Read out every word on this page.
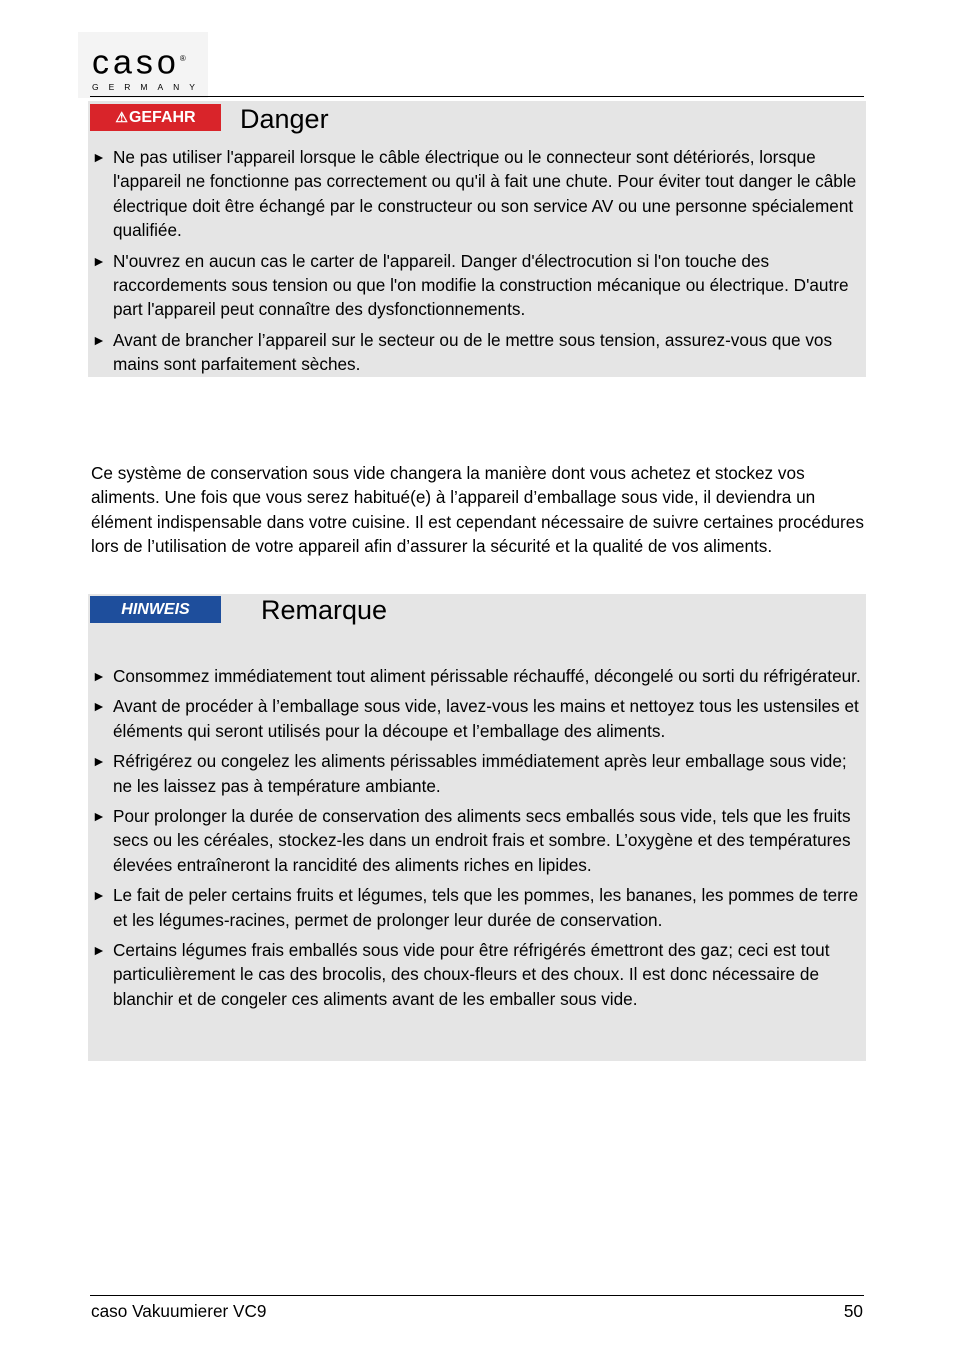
caso®
GERMANY
⚠ GEFAHR Danger
► Ne pas utiliser l'appareil lorsque le câble électrique ou le connecteur sont détériorés, lorsque l'appareil ne fonctionne pas correctement ou qu'il à fait une chute. Pour éviter tout danger le câble électrique doit être échangé par le constructeur ou son service AV ou une personne spécialement qualifiée.
► N'ouvrez en aucun cas le carter de l'appareil. Danger d'électrocution si l'on touche des raccordements sous tension ou que l'on modifie la construction mécanique ou électrique. D'autre part l'appareil peut connaître des dysfonctionnements.
► Avant de brancher l’appareil sur le secteur ou de le mettre sous tension, assurez-vous que vos mains sont parfaitement sèches.

Ce système de conservation sous vide changera la manière dont vous achetez et stockez vos aliments. Une fois que vous serez habitué(e) à l’appareil d’emballage sous vide, il deviendra un élément indispensable dans votre cuisine. Il est cependant nécessaire de suivre certaines procédures lors de l’utilisation de votre appareil afin d’assurer la sécurité et la qualité de vos aliments.

HINWEIS	Remarque
► Consommez immédiatement tout aliment périssable réchauffé, décongelé ou sorti du réfrigérateur.
► Avant de procéder à l’emballage sous vide, lavez-vous les mains et nettoyez tous les ustensiles et éléments qui seront utilisés pour la découpe et l’emballage des aliments.
► Réfrigérez ou congelez les aliments périssables immédiatement après leur emballage sous vide; ne les laissez pas à température ambiante.
► Pour prolonger la durée de conservation des aliments secs emballés sous vide, tels que les fruits secs ou les céréales, stockez-les dans un endroit frais et sombre. L’oxygène et des températures élevées entraîneront la rancidité des aliments riches en lipides.
► Le fait de peler certains fruits et légumes, tels que les pommes, les bananes, les pommes de terre et les légumes-racines, permet de prolonger leur durée de conservation.
► Certains légumes frais emballés sous vide pour être réfrigérés émettront des gaz; ceci est tout particulièrement le cas des brocolis, des choux-fleurs et des choux. Il est donc nécessaire de blanchir et de congeler ces aliments avant de les emballer sous vide.
caso Vakuumierer VC9	50
